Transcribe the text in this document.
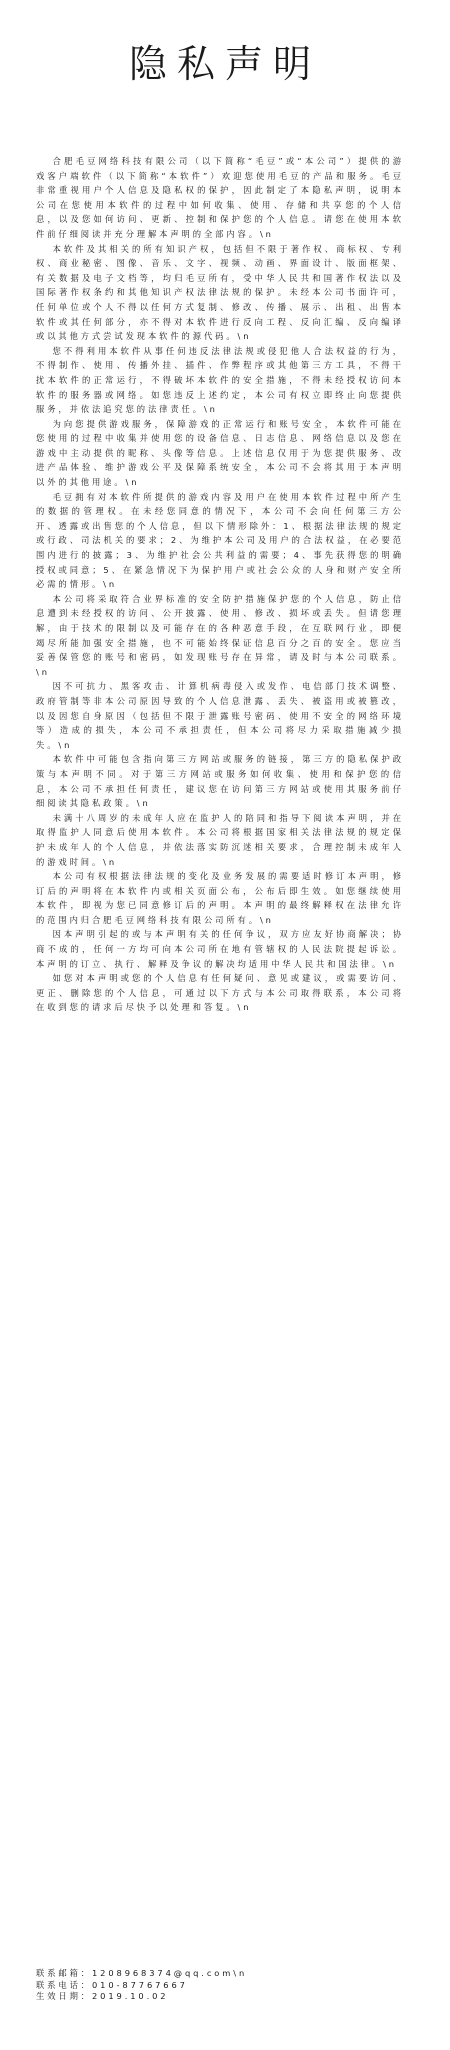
隐私声明

合肥毛豆网络科技有限公司（以下简称“毛豆”或“本公司”）提供的游戏客户端软件（以下简称“本软件”）欢迎您使用毛豆的产品和服务。毛豆非常重视用户个人信息及隐私权的保护，因此制定了本隐私声明，说明本公司在您使用本软件的过程中如何收集、使用、存储和共享您的个人信息，以及您如何访问、更新、控制和保护您的个人信息。请您在使用本软件前仔细阅读并充分理解本声明的全部内容。\n

本软件及其相关的所有知识产权，包括但不限于著作权、商标权、专利权、商业秘密、图像、音乐、文字、视频、动画、界面设计、版面框架、有关数据及电子文档等，均归毛豆所有，受中华人民共和国著作权法以及国际著作权条约和其他知识产权法律法规的保护。未经本公司书面许可，任何单位或个人不得以任何方式复制、修改、传播、展示、出租、出售本软件或其任何部分，亦不得对本软件进行反向工程、反向汇编、反向编译或以其他方式尝试发现本软件的源代码。\n

您不得利用本软件从事任何违反法律法规或侵犯他人合法权益的行为，不得制作、使用、传播外挂、插件、作弊程序或其他第三方工具，不得干扰本软件的正常运行，不得破坏本软件的安全措施，不得未经授权访问本软件的服务器或网络。如您违反上述约定，本公司有权立即终止向您提供服务，并依法追究您的法律责任。\n

为向您提供游戏服务，保障游戏的正常运行和账号安全，本软件可能在您使用的过程中收集并使用您的设备信息、日志信息、网络信息以及您在游戏中主动提供的昵称、头像等信息。上述信息仅用于为您提供服务、改进产品体验、维护游戏公平及保障系统安全，本公司不会将其用于本声明以外的其他用途。\n

毛豆拥有对本软件所提供的游戏内容及用户在使用本软件过程中所产生的数据的管理权。在未经您同意的情况下，本公司不会向任何第三方公开、透露或出售您的个人信息，但以下情形除外：1、根据法律法规的规定或行政、司法机关的要求；2、为维护本公司及用户的合法权益，在必要范围内进行的披露；3、为维护社会公共利益的需要；4、事先获得您的明确授权或同意；5、在紧急情况下为保护用户或社会公众的人身和财产安全所必需的情形。\n

本公司将采取符合业界标准的安全防护措施保护您的个人信息，防止信息遭到未经授权的访问、公开披露、使用、修改、损坏或丢失。但请您理解，由于技术的限制以及可能存在的各种恶意手段，在互联网行业，即便竭尽所能加强安全措施，也不可能始终保证信息百分之百的安全。您应当妥善保管您的账号和密码，如发现账号存在异常，请及时与本公司联系。\n

因不可抗力、黑客攻击、计算机病毒侵入或发作、电信部门技术调整、政府管制等非本公司原因导致的个人信息泄露、丢失、被盗用或被篡改，以及因您自身原因（包括但不限于泄露账号密码、使用不安全的网络环境等）造成的损失，本公司不承担责任，但本公司将尽力采取措施减少损失。\n

本软件中可能包含指向第三方网站或服务的链接，第三方的隐私保护政策与本声明不同。对于第三方网站或服务如何收集、使用和保护您的信息，本公司不承担任何责任，建议您在访问第三方网站或使用其服务前仔细阅读其隐私政策。\n

未满十八周岁的未成年人应在监护人的陪同和指导下阅读本声明，并在取得监护人同意后使用本软件。本公司将根据国家相关法律法规的规定保护未成年人的个人信息，并依法落实防沉迷相关要求，合理控制未成年人的游戏时间。\n

本公司有权根据法律法规的变化及业务发展的需要适时修订本声明，修订后的声明将在本软件内或相关页面公布，公布后即生效。如您继续使用本软件，即视为您已同意修订后的声明。本声明的最终解释权在法律允许的范围内归合肥毛豆网络科技有限公司所有。\n

因本声明引起的或与本声明有关的任何争议，双方应友好协商解决；协商不成的，任何一方均可向本公司所在地有管辖权的人民法院提起诉讼。本声明的订立、执行、解释及争议的解决均适用中华人民共和国法律。\n

如您对本声明或您的个人信息有任何疑问、意见或建议，或需要访问、更正、删除您的个人信息，可通过以下方式与本公司取得联系，本公司将在收到您的请求后尽快予以处理和答复。\n

联系邮箱：1208968374@qq.com\n
联系电话：010-87767667
生效日期：2019.10.02
